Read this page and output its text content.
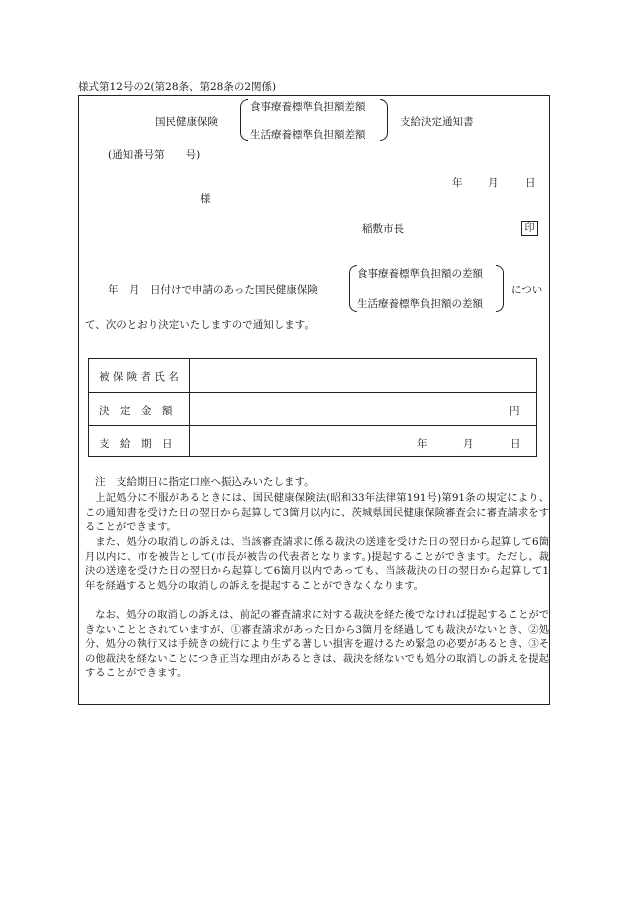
様式第12号の2(第28条、第28条の2関係)
国民健康保険
食事療養標準負担額差額
生活療養標準負担額差額
支給決定通知書
(通知番号第　　号)
年 月	日
様
稲敷市長	印
年　月　日付けで申請のあった国民健康保険
食事療養標準負担額の差額
生活療養標準負担額の差額
につい
て、次のとおり決定いたしますので通知します。
被 保 険 者 氏 名
決　定　金　額	円
支　給　期　日	年	月	日
注　支給期日に指定口座へ振込みいたします。
上記処分に不服があるときには、国民健康保険法(昭和33年法律第191号)第91条の規定により、この通知書を受けた日の翌日から起算して3箇月以内に、茨城県国民健康保険審査会に審査請求をすることができます。
また、処分の取消しの訴えは、当該審査請求に係る裁決の送達を受けた日の翌日から起算して6箇月以内に、市を被告として(市長が被告の代表者となります。)提起することができます。ただし、裁決の送達を受けた日の翌日から起算して6箇月以内であっても、当該裁決の日の翌日から起算して1年を経過すると処分の取消しの訴えを提起することができなくなります。
なお、処分の取消しの訴えは、前記の審査請求に対する裁決を経た後でなければ提起することができないこととされていますが、①審査請求があった日から3箇月を経過しても裁決がないとき、②処分、処分の執行又は手続きの続行により生ずる著しい損害を避けるため緊急の必要があるとき、③その他裁決を経ないことにつき正当な理由があるときは、裁決を経ないでも処分の取消しの訴えを提起することができます。
